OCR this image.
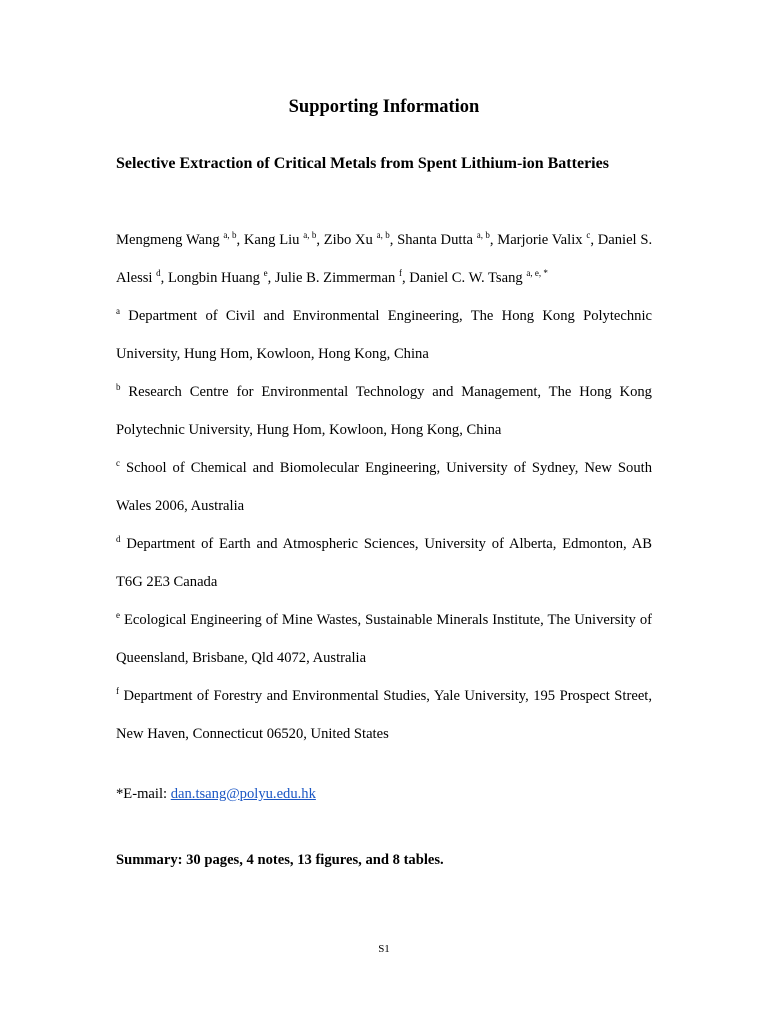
Supporting Information
Selective Extraction of Critical Metals from Spent Lithium-ion Batteries
Mengmeng Wang $^{a, b}$, Kang Liu $^{a, b}$, Zibo Xu $^{a, b}$, Shanta Dutta $^{a, b}$, Marjorie Valix $^c$, Daniel S. Alessi $^d$, Longbin Huang $^e$, Julie B. Zimmerman $^f$, Daniel C. W. Tsang $^{a, e, *}$

$^a$ Department of Civil and Environmental Engineering, The Hong Kong Polytechnic University, Hung Hom, Kowloon, Hong Kong, China

$^b$ Research Centre for Environmental Technology and Management, The Hong Kong Polytechnic University, Hung Hom, Kowloon, Hong Kong, China

$^c$ School of Chemical and Biomolecular Engineering, University of Sydney, New South Wales 2006, Australia

$^d$ Department of Earth and Atmospheric Sciences, University of Alberta, Edmonton, AB T6G 2E3 Canada

$^e$ Ecological Engineering of Mine Wastes, Sustainable Minerals Institute, The University of Queensland, Brisbane, Qld 4072, Australia

$^f$ Department of Forestry and Environmental Studies, Yale University, 195 Prospect Street, New Haven, Connecticut 06520, United States

*E-mail: dan.tsang@polyu.edu.hk
Summary: 30 pages, 4 notes, 13 figures, and 8 tables.
S1
